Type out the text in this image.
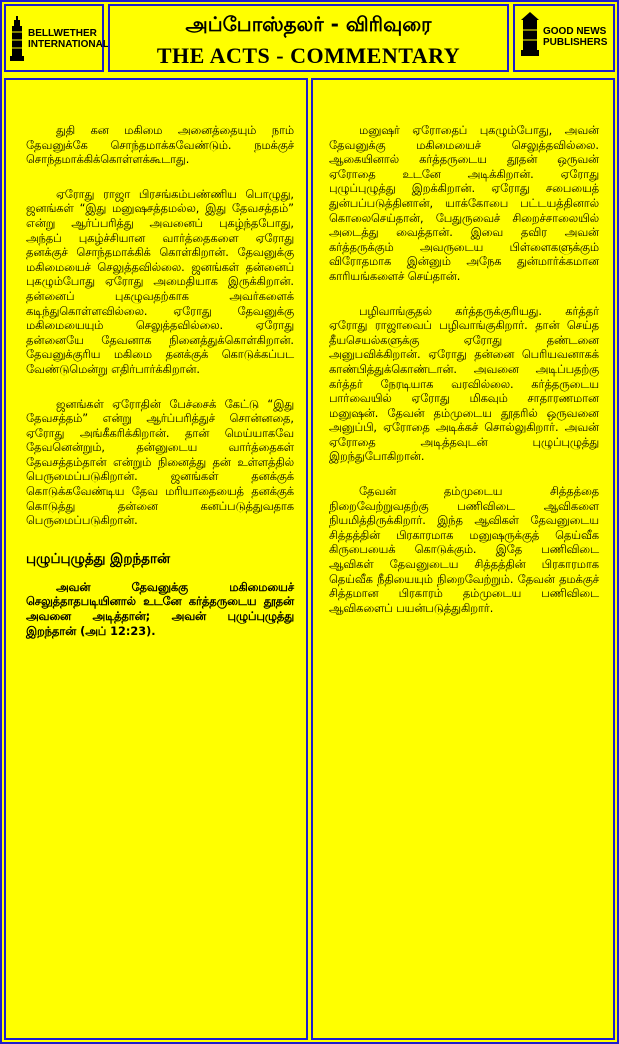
BELLWETHER
INTERNATIONAL
அப்போஸ்தலர் - விரிவுரை
THE ACTS - COMMENTARY
GOOD NEWS
PUBLISHERS

துதி கன மகிமை அனைத்தையும் நாம் தேவனுக்கே சொந்தமாக்கவேண்டும். நமக்குச் சொந்தமாக்கிக்கொள்ளக்கூடாது.

ஏரோது ராஜா பிரசங்கம்பண்ணிய பொழுது, ஜனங்கள் “இது மனுஷசத்தமல்ல, இது தேவசத்தம்” என்று ஆர்ப்பரித்து அவனைப் புகழ்ந்தபோது, அந்தப் புகழ்ச்சியான வார்த்தைகளை ஏரோது தனக்குச் சொந்தமாக்கிக் கொள்கிறான். தேவனுக்கு மகிமையைச் செலுத்தவில்லை. ஜனங்கள் தன்னைப் புகழும்போது ஏரோது அமைதியாக இருக்கிறான். தன்னைப் புகழுவதற்காக அவர்களைக் கடிந்துகொள்ளவில்லை. ஏரோது தேவனுக்கு மகிமையையும் செலுத்தவில்லை. ஏரோது தன்னையே தேவனாக நினைத்துக்கொள்கிறான். தேவனுக்குரிய மகிமை தனக்குக் கொடுக்கப்பட வேண்டுமென்று எதிர்பார்க்கிறான்.

ஜனங்கள் ஏரோதின் பேச்சைக் கேட்டு “இது தேவசத்தம்” என்று ஆர்ப்பரித்துச் சொன்னதை, ஏரோது அங்கீகரிக்கிறான். தான் மெய்யாகவே தேவனென்றும், தன்னுடைய வார்த்தைகள் தேவசத்தம்தான் என்றும் நினைத்து தன் உள்ளத்தில் பெருமைப்படுகிறான். ஜனங்கள் தனக்குக் கொடுக்கவேண்டிய தேவ மரியாதையைத் தனக்குக் கொடுத்து தன்னை கனப்படுத்துவதாக பெருமைப்படுகிறான்.

புழுப்புழுத்து இறந்தான்

அவன் தேவனுக்கு மகிமையைச் செலுத்தாதபடியினால் உடனே கர்த்தருடைய தூதன் அவனை அடித்தான்; அவன் புழுப்புழுத்து இறந்தான் (அப் 12:23).

மனுஷர் ஏரோதைப் புகழும்போது, அவன் தேவனுக்கு மகிமையைச் செலுத்தவில்லை. ஆகையினால் கர்த்தருடைய தூதன் ஒருவன் ஏரோதை உடனே அடிக்கிறான். ஏரோது புழுப்புழுத்து இறக்கிறான். ஏரோது சபையைத் துன்பப்படுத்தினான், யாக்கோபை பட்டயத்தினால் கொலைசெய்தான், பேதுருவைச் சிறைச்சாலையில் அடைத்து வைத்தான். இவை தவிர அவன் கர்த்தருக்கும் அவருடைய பிள்ளைகளுக்கும் விரோதமாக இன்னும் அநேக துன்மார்க்கமான காரியங்களைச் செய்தான்.

பழிவாங்குதல் கர்த்தருக்குரியது. கர்த்தர் ஏரோது ராஜாவைப் பழிவாங்குகிறார். தான் செய்த தீயசெயல்களுக்கு ஏரோது தண்டனை அனுபவிக்கிறான். ஏரோது தன்னை பெரியவனாகக் காண்பித்துக்கொண்டான். அவனை அடிப்பதற்கு கர்த்தர் நேரடியாக வரவில்லை. கர்த்தருடைய பார்வையில் ஏரோது மிகவும் சாதாரணமான மனுஷன். தேவன் தம்முடைய தூதரில் ஒருவனை அனுப்பி, ஏரோதை அடிக்கச் சொல்லுகிறார். அவன் ஏரோதை அடித்தவுடன் புழுப்புழுத்து இறந்துபோகிறான்.

தேவன் தம்முடைய சித்தத்தை நிறைவேற்றுவதற்கு பணிவிடை ஆவிகளை நியமித்திருக்கிறார். இந்த ஆவிகள் தேவனுடைய சித்தத்தின் பிரகாரமாக மனுஷருக்குத் தெய்வீக கிருபையைக் கொடுக்கும். இதே பணிவிடை ஆவிகள் தேவனுடைய சித்தத்தின் பிரகாரமாக தெய்வீக நீதியையும் நிறைவேற்றும். தேவன் தமக்குச் சித்தமான பிரகாரம் தம்முடைய பணிவிடை ஆவிகளைப் பயன்படுத்துகிறார்.
